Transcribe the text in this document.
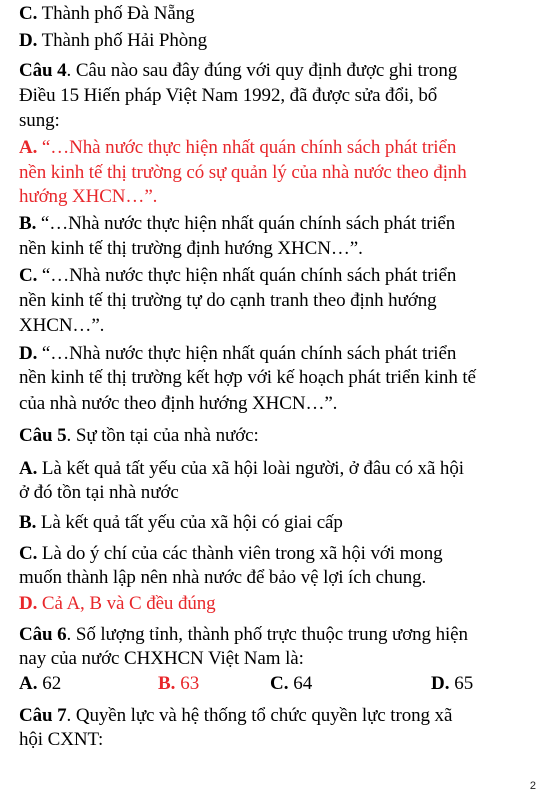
C. Thành phố Đà Nẵng
D. Thành phố Hải Phòng
Câu 4. Câu nào sau đây đúng với quy định được ghi trong
Điều 15 Hiến pháp Việt Nam 1992, đã được sửa đổi, bổ
sung:
A. “…Nhà nước thực hiện nhất quán chính sách phát triển
nền kinh tế thị trường có sự quản lý của nhà nước theo định
hướng XHCN…”.
B. “…Nhà nước thực hiện nhất quán chính sách phát triển
nền kinh tế thị trường định hướng XHCN…”.
C. “…Nhà nước thực hiện nhất quán chính sách phát triển
nền kinh tế thị trường tự do cạnh tranh theo định hướng
XHCN…”.
D. “…Nhà nước thực hiện nhất quán chính sách phát triển
nền kinh tế thị trường kết hợp với kế hoạch phát triển kinh tế
của nhà nước theo định hướng XHCN…”.
Câu 5. Sự tồn tại của nhà nước:
A. Là kết quả tất yếu của xã hội loài người, ở đâu có xã hội
ở đó tồn tại nhà nước
B. Là kết quả tất yếu của xã hội có giai cấp
C. Là do ý chí của các thành viên trong xã hội với mong
muốn thành lập nên nhà nước để bảo vệ lợi ích chung.
D. Cả A, B và C đều đúng
Câu 6. Số lượng tỉnh, thành phố trực thuộc trung ương hiện
nay của nước CHXHCN Việt Nam là:
A. 62	B. 63	C. 64	D. 65
Câu 7. Quyền lực và hệ thống tổ chức quyền lực trong xã
hội CXNT:
2
